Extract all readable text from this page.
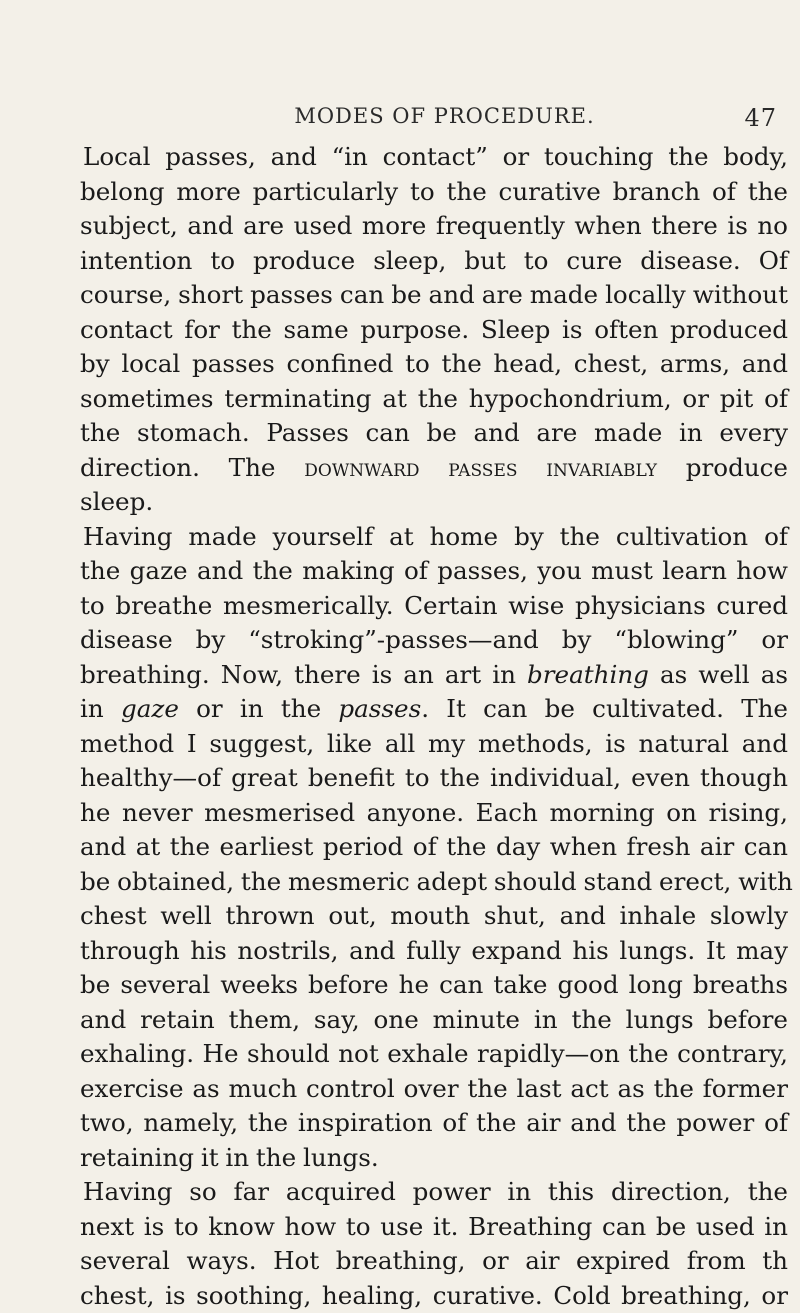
MODES OF PROCEDURE.	47
Local passes, and “in contact” or touching the body,
belong more particularly to the curative branch of the
subject, and are used more frequently when there is no
intention to produce sleep, but to cure disease. Of
course, short passes can be and are made locally without
contact for the same purpose. Sleep is often produced
by local passes confined to the head, chest, arms, and
sometimes terminating at the hypochondrium, or pit of
the stomach. Passes can be and are made in every
direction. The downward passes invariably produce
sleep.
Having made yourself at home by the cultivation of
the gaze and the making of passes, you must learn how
to breathe mesmerically. Certain wise physicians cured
disease by “stroking”-passes—and by “blowing” or
breathing. Now, there is an art in breathing as well as
in gaze or in the passes. It can be cultivated. The
method I suggest, like all my methods, is natural and
healthy—of great benefit to the individual, even though
he never mesmerised anyone. Each morning on rising,
and at the earliest period of the day when fresh air can
be obtained, the mesmeric adept should stand erect, with
chest well thrown out, mouth shut, and inhale slowly
through his nostrils, and fully expand his lungs. It may
be several weeks before he can take good long breaths
and retain them, say, one minute in the lungs before
exhaling. He should not exhale rapidly—on the contrary,
exercise as much control over the last act as the former
two, namely, the inspiration of the air and the power of
retaining it in the lungs.
Having so far acquired power in this direction, the
next is to know how to use it. Breathing can be used in
several ways. Hot breathing, or air expired from th
chest, is soothing, healing, curative. Cold breathing, or
